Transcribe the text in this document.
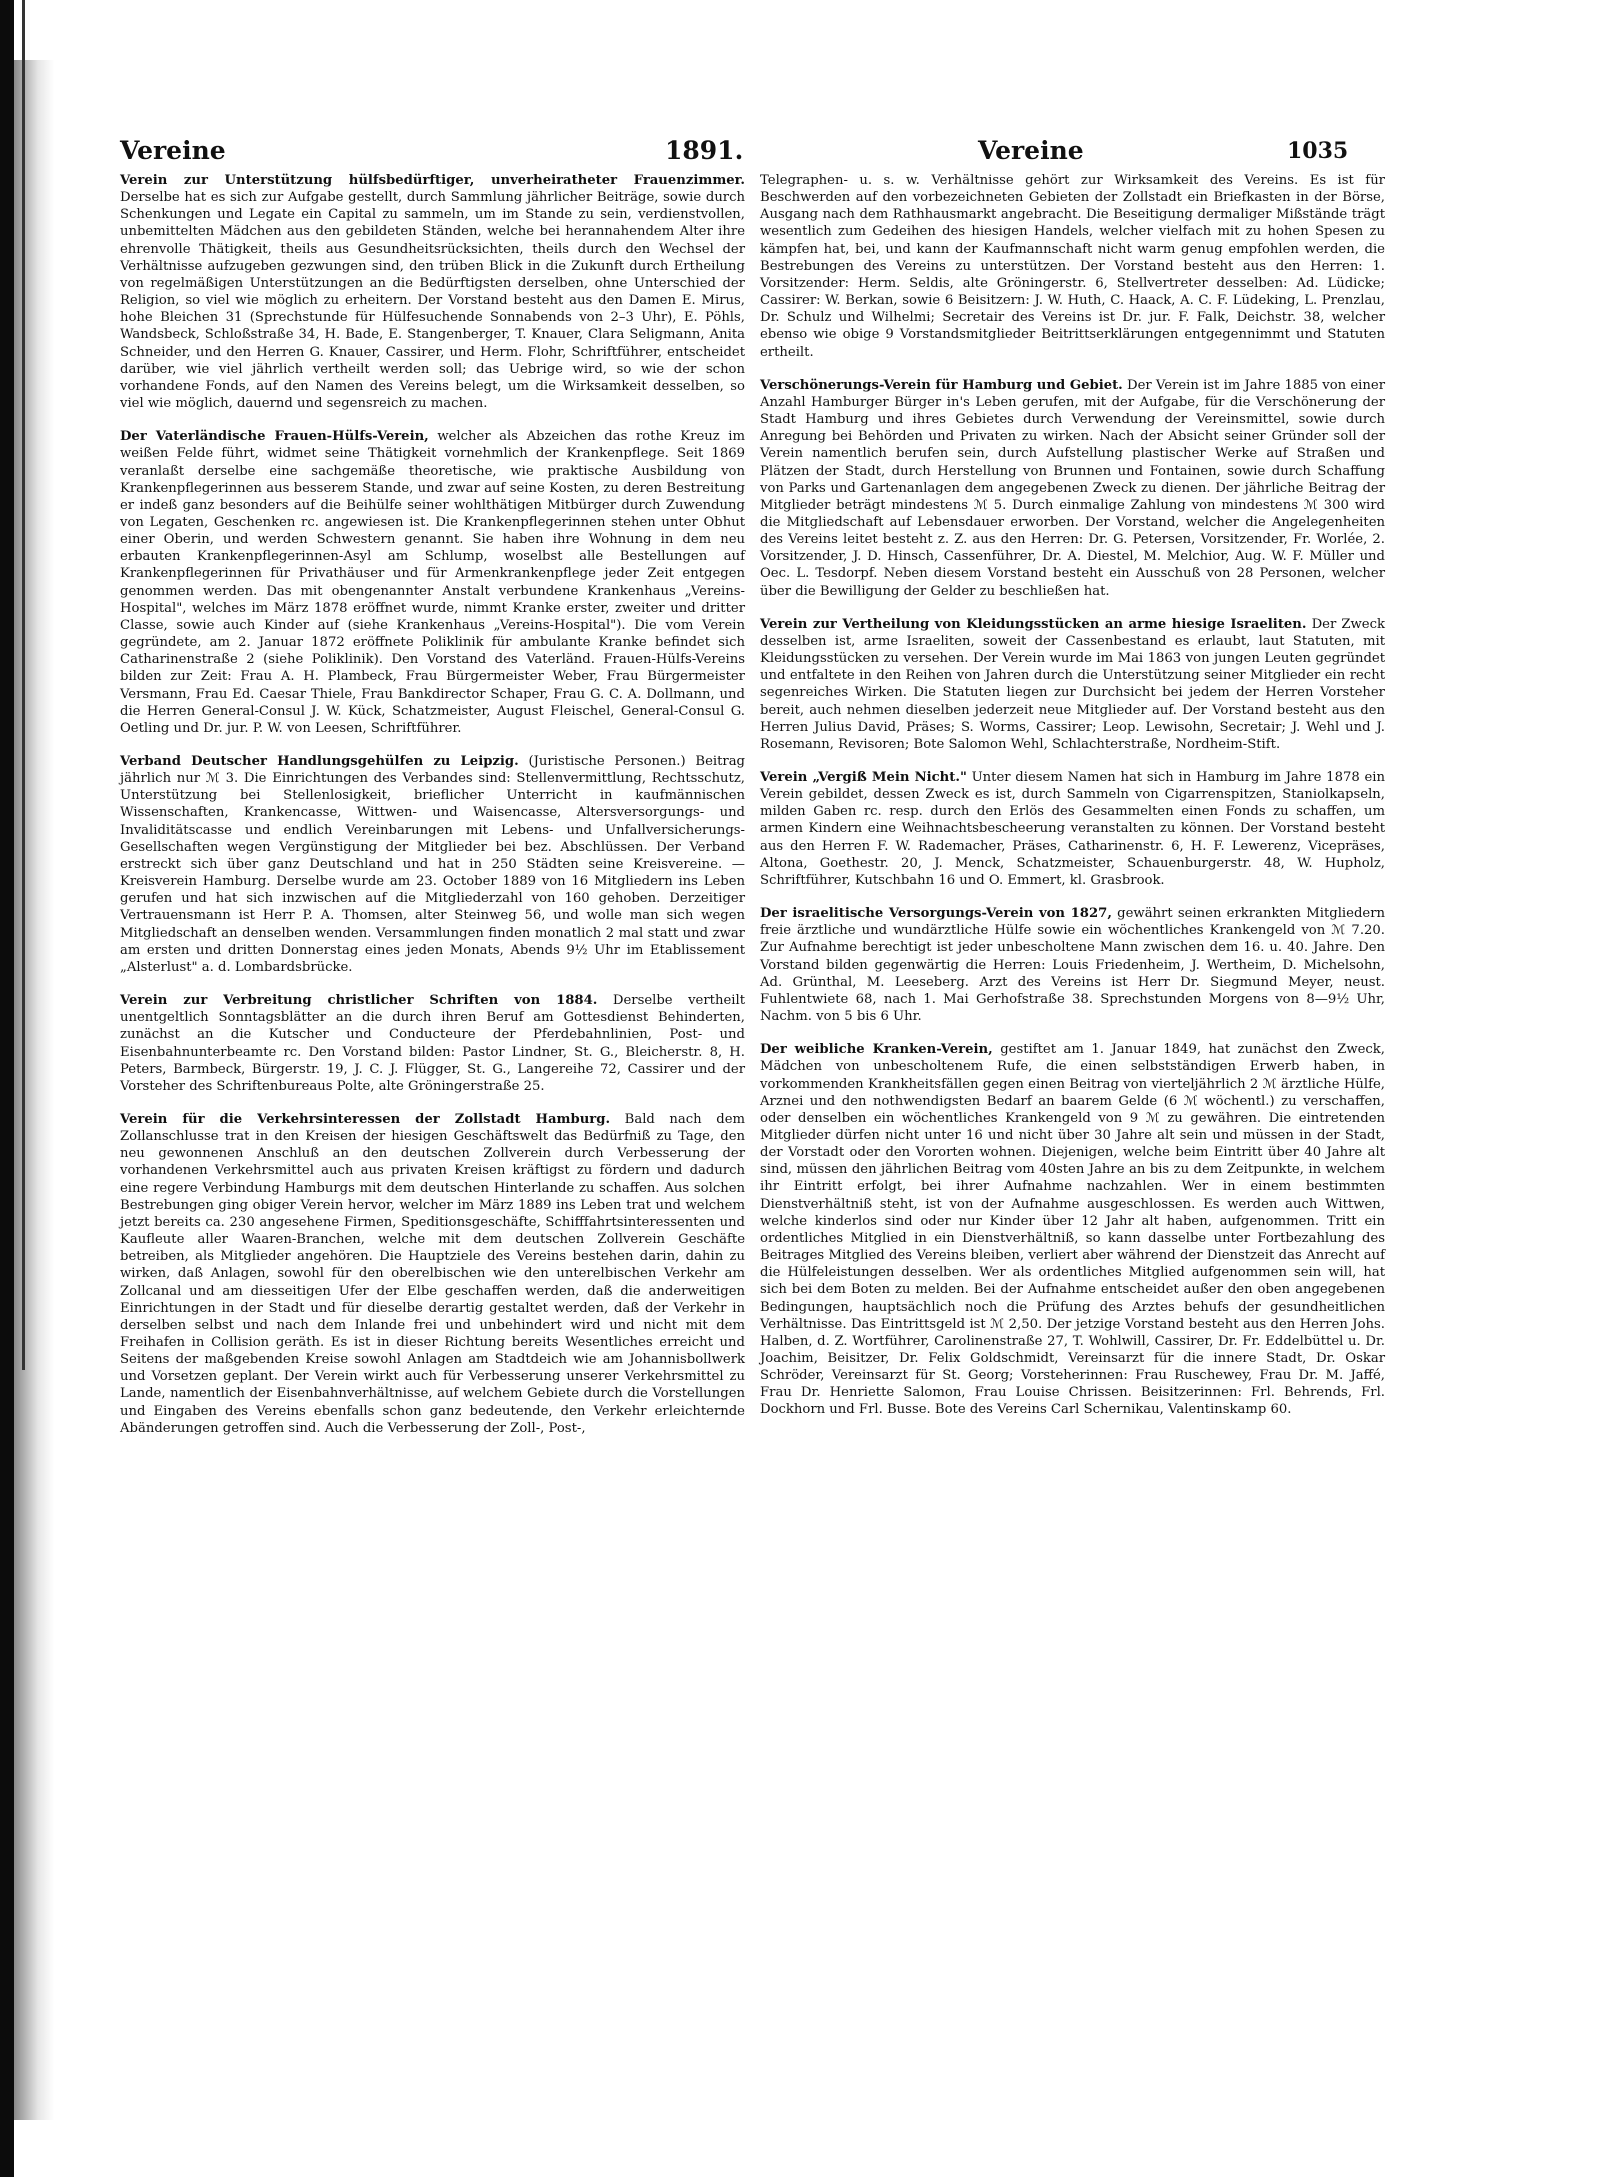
Vereine	1891.	Vereine	1035

Verein zur Unterstützung hülfsbedürftiger, unverheiratheter Frauenzimmer. Derselbe hat es sich zur Aufgabe gestellt, durch Sammlung jährlicher Beiträge, sowie durch Schenkungen und Legate ein Capital zu sammeln, um im Stande zu sein, verdienstvollen, unbemittelten Mädchen aus den gebildeten Ständen, welche bei herannahendem Alter ihre ehrenvolle Thätigkeit, theils aus Gesundheitsrücksichten, theils durch den Wechsel der Verhältnisse aufzugeben gezwungen sind, den trüben Blick in die Zukunft durch Ertheilung von regelmäßigen Unterstützungen an die Bedürftigsten derselben, ohne Unterschied der Religion, so viel wie möglich zu erheitern. Der Vorstand besteht aus den Damen E. Mirus, hohe Bleichen 31 (Sprechstunde für Hülfesuchende Sonnabends von 2–3 Uhr), E. Pöhls, Wandsbeck, Schloßstraße 34, H. Bade, E. Stangenberger, T. Knauer, Clara Seligmann, Anita Schneider, und den Herren G. Knauer, Cassirer, und Herm. Flohr, Schriftführer, entscheidet darüber, wie viel jährlich vertheilt werden soll; das Uebrige wird, so wie der schon vorhandene Fonds, auf den Namen des Vereins belegt, um die Wirksamkeit desselben, so viel wie möglich, dauernd und segensreich zu machen.

Der Vaterländische Frauen-Hülfs-Verein, welcher als Abzeichen das rothe Kreuz im weißen Felde führt, widmet seine Thätigkeit vornehmlich der Krankenpflege. Seit 1869 veranlaßt derselbe eine sachgemäße theoretische, wie praktische Ausbildung von Krankenpflegerinnen aus besserem Stande, und zwar auf seine Kosten, zu deren Bestreitung er indeß ganz besonders auf die Beihülfe seiner wohlthätigen Mitbürger durch Zuwendung von Legaten, Geschenken rc. angewiesen ist. Die Krankenpflegerinnen stehen unter Obhut einer Oberin, und werden Schwestern genannt. Sie haben ihre Wohnung in dem neu erbauten Krankenpflegerinnen-Asyl am Schlump, woselbst alle Bestellungen auf Krankenpflegerinnen für Privathäuser und für Armenkrankenpflege jeder Zeit entgegen genommen werden. Das mit obengenannter Anstalt verbundene Krankenhaus „Vereins-Hospital", welches im März 1878 eröffnet wurde, nimmt Kranke erster, zweiter und dritter Classe, sowie auch Kinder auf (siehe Krankenhaus „Vereins-Hospital"). Die vom Verein gegründete, am 2. Januar 1872 eröffnete Poliklinik für ambulante Kranke befindet sich Catharinenstraße 2 (siehe Poliklinik). Den Vorstand des Vaterländ. Frauen-Hülfs-Vereins bilden zur Zeit: Frau A. H. Plambeck, Frau Bürgermeister Weber, Frau Bürgermeister Versmann, Frau Ed. Caesar Thiele, Frau Bankdirector Schaper, Frau G. C. A. Dollmann, und die Herren General-Consul J. W. Kück, Schatzmeister, August Fleischel, General-Consul G. Oetling und Dr. jur. P. W. von Leesen, Schriftführer.

Verband Deutscher Handlungsgehülfen zu Leipzig. (Juristische Personen.) Beitrag jährlich nur ℳ 3. Die Einrichtungen des Verbandes sind: Stellenvermittlung, Rechtsschutz, Unterstützung bei Stellenlosigkeit, brieflicher Unterricht in kaufmännischen Wissenschaften, Krankencasse, Wittwen- und Waisencasse, Altersversorgungs- und Invaliditätscasse und endlich Vereinbarungen mit Lebens- und Unfallversicherungs-Gesellschaften wegen Vergünstigung der Mitglieder bei bez. Abschlüssen. Der Verband erstreckt sich über ganz Deutschland und hat in 250 Städten seine Kreisvereine. — Kreisverein Hamburg. Derselbe wurde am 23. October 1889 von 16 Mitgliedern ins Leben gerufen und hat sich inzwischen auf die Mitgliederzahl von 160 gehoben. Derzeitiger Vertrauensmann ist Herr P. A. Thomsen, alter Steinweg 56, und wolle man sich wegen Mitgliedschaft an denselben wenden. Versammlungen finden monatlich 2 mal statt und zwar am ersten und dritten Donnerstag eines jeden Monats, Abends 9½ Uhr im Etablissement „Alsterlust" a. d. Lombardsbrücke.

Verein zur Verbreitung christlicher Schriften von 1884. Derselbe vertheilt unentgeltlich Sonntagsblätter an die durch ihren Beruf am Gottesdienst Behinderten, zunächst an die Kutscher und Conducteure der Pferdebahnlinien, Post- und Eisenbahnunterbeamte rc. Den Vorstand bilden: Pastor Lindner, St. G., Bleicherstr. 8, H. Peters, Barmbeck, Bürgerstr. 19, J. C. J. Flügger, St. G., Langereihe 72, Cassirer und der Vorsteher des Schriftenbureaus Polte, alte Gröningerstraße 25.

Verein für die Verkehrsinteressen der Zollstadt Hamburg. Bald nach dem Zollanschlusse trat in den Kreisen der hiesigen Geschäftswelt das Bedürfniß zu Tage, den neu gewonnenen Anschluß an den deutschen Zollverein durch Verbesserung der vorhandenen Verkehrsmittel auch aus privaten Kreisen kräftigst zu fördern und dadurch eine regere Verbindung Hamburgs mit dem deutschen Hinterlande zu schaffen. Aus solchen Bestrebungen ging obiger Verein hervor, welcher im März 1889 ins Leben trat und welchem jetzt bereits ca. 230 angesehene Firmen, Speditionsgeschäfte, Schifffahrtsinteressenten und Kaufleute aller Waaren-Branchen, welche mit dem deutschen Zollverein Geschäfte betreiben, als Mitglieder angehören. Die Hauptziele des Vereins bestehen darin, dahin zu wirken, daß Anlagen, sowohl für den oberelbischen wie den unterelbischen Verkehr am Zollcanal und am diesseitigen Ufer der Elbe geschaffen werden, daß die anderweitigen Einrichtungen in der Stadt und für dieselbe derartig gestaltet werden, daß der Verkehr in derselben selbst und nach dem Inlande frei und unbehindert wird und nicht mit dem Freihafen in Collision geräth. Es ist in dieser Richtung bereits Wesentliches erreicht und Seitens der maßgebenden Kreise sowohl Anlagen am Stadtdeich wie am Johannisbollwerk und Vorsetzen geplant. Der Verein wirkt auch für Verbesserung unserer Verkehrsmittel zu Lande, namentlich der Eisenbahnverhältnisse, auf welchem Gebiete durch die Vorstellungen und Eingaben des Vereins ebenfalls schon ganz bedeutende, den Verkehr erleichternde Abänderungen getroffen sind. Auch die Verbesserung der Zoll-, Post-,

Telegraphen- u. s. w. Verhältnisse gehört zur Wirksamkeit des Vereins. Es ist für Beschwerden auf den vorbezeichneten Gebieten der Zollstadt ein Briefkasten in der Börse, Ausgang nach dem Rathhausmarkt angebracht. Die Beseitigung dermaliger Mißstände trägt wesentlich zum Gedeihen des hiesigen Handels, welcher vielfach mit zu hohen Spesen zu kämpfen hat, bei, und kann der Kaufmannschaft nicht warm genug empfohlen werden, die Bestrebungen des Vereins zu unterstützen. Der Vorstand besteht aus den Herren: 1. Vorsitzender: Herm. Seldis, alte Gröningerstr. 6, Stellvertreter desselben: Ad. Lüdicke; Cassirer: W. Berkan, sowie 6 Beisitzern: J. W. Huth, C. Haack, A. C. F. Lüdeking, L. Prenzlau, Dr. Schulz und Wilhelmi; Secretair des Vereins ist Dr. jur. F. Falk, Deichstr. 38, welcher ebenso wie obige 9 Vorstandsmitglieder Beitrittserklärungen entgegennimmt und Statuten ertheilt.

Verschönerungs-Verein für Hamburg und Gebiet. Der Verein ist im Jahre 1885 von einer Anzahl Hamburger Bürger in's Leben gerufen, mit der Aufgabe, für die Verschönerung der Stadt Hamburg und ihres Gebietes durch Verwendung der Vereinsmittel, sowie durch Anregung bei Behörden und Privaten zu wirken. Nach der Absicht seiner Gründer soll der Verein namentlich berufen sein, durch Aufstellung plastischer Werke auf Straßen und Plätzen der Stadt, durch Herstellung von Brunnen und Fontainen, sowie durch Schaffung von Parks und Gartenanlagen dem angegebenen Zweck zu dienen. Der jährliche Beitrag der Mitglieder beträgt mindestens ℳ 5. Durch einmalige Zahlung von mindestens ℳ 300 wird die Mitgliedschaft auf Lebensdauer erworben. Der Vorstand, welcher die Angelegenheiten des Vereins leitet besteht z. Z. aus den Herren: Dr. G. Petersen, Vorsitzender, Fr. Worlée, 2. Vorsitzender, J. D. Hinsch, Cassenführer, Dr. A. Diestel, M. Melchior, Aug. W. F. Müller und Oec. L. Tesdorpf. Neben diesem Vorstand besteht ein Ausschuß von 28 Personen, welcher über die Bewilligung der Gelder zu beschließen hat.

Verein zur Vertheilung von Kleidungsstücken an arme hiesige Israeliten. Der Zweck desselben ist, arme Israeliten, soweit der Cassenbestand es erlaubt, laut Statuten, mit Kleidungsstücken zu versehen. Der Verein wurde im Mai 1863 von jungen Leuten gegründet und entfaltete in den Reihen von Jahren durch die Unterstützung seiner Mitglieder ein recht segenreiches Wirken. Die Statuten liegen zur Durchsicht bei jedem der Herren Vorsteher bereit, auch nehmen dieselben jederzeit neue Mitglieder auf. Der Vorstand besteht aus den Herren Julius David, Präses; S. Worms, Cassirer; Leop. Lewisohn, Secretair; J. Wehl und J. Rosemann, Revisoren; Bote Salomon Wehl, Schlachterstraße, Nordheim-Stift.

Verein „Vergiß Mein Nicht." Unter diesem Namen hat sich in Hamburg im Jahre 1878 ein Verein gebildet, dessen Zweck es ist, durch Sammeln von Cigarrenspitzen, Staniolkapseln, milden Gaben rc. resp. durch den Erlös des Gesammelten einen Fonds zu schaffen, um armen Kindern eine Weihnachtsbescheerung veranstalten zu können. Der Vorstand besteht aus den Herren F. W. Rademacher, Präses, Catharinenstr. 6, H. F. Lewerenz, Vicepräses, Altona, Goethestr. 20, J. Menck, Schatzmeister, Schauenburgerstr. 48, W. Hupholz, Schriftführer, Kutschbahn 16 und O. Emmert, kl. Grasbrook.

Der israelitische Versorgungs-Verein von 1827, gewährt seinen erkrankten Mitgliedern freie ärztliche und wundärztliche Hülfe sowie ein wöchentliches Krankengeld von ℳ 7.20. Zur Aufnahme berechtigt ist jeder unbescholtene Mann zwischen dem 16. u. 40. Jahre. Den Vorstand bilden gegenwärtig die Herren: Louis Friedenheim, J. Wertheim, D. Michelsohn, Ad. Grünthal, M. Leeseberg. Arzt des Vereins ist Herr Dr. Siegmund Meyer, neust. Fuhlentwiete 68, nach 1. Mai Gerhofstraße 38. Sprechstunden Morgens von 8—9½ Uhr, Nachm. von 5 bis 6 Uhr.

Der weibliche Kranken-Verein, gestiftet am 1. Januar 1849, hat zunächst den Zweck, Mädchen von unbescholtenem Rufe, die einen selbstständigen Erwerb haben, in vorkommenden Krankheitsfällen gegen einen Beitrag von vierteljährlich 2 ℳ ärztliche Hülfe, Arznei und den nothwendigsten Bedarf an baarem Gelde (6 ℳ wöchentl.) zu verschaffen, oder denselben ein wöchentliches Krankengeld von 9 ℳ zu gewähren. Die eintretenden Mitglieder dürfen nicht unter 16 und nicht über 30 Jahre alt sein und müssen in der Stadt, der Vorstadt oder den Vororten wohnen. Diejenigen, welche beim Eintritt über 40 Jahre alt sind, müssen den jährlichen Beitrag vom 40sten Jahre an bis zu dem Zeitpunkte, in welchem ihr Eintritt erfolgt, bei ihrer Aufnahme nachzahlen. Wer in einem bestimmten Dienstverhältniß steht, ist von der Aufnahme ausgeschlossen. Es werden auch Wittwen, welche kinderlos sind oder nur Kinder über 12 Jahr alt haben, aufgenommen. Tritt ein ordentliches Mitglied in ein Dienstverhältniß, so kann dasselbe unter Fortbezahlung des Beitrages Mitglied des Vereins bleiben, verliert aber während der Dienstzeit das Anrecht auf die Hülfeleistungen desselben. Wer als ordentliches Mitglied aufgenommen sein will, hat sich bei dem Boten zu melden. Bei der Aufnahme entscheidet außer den oben angegebenen Bedingungen, hauptsächlich noch die Prüfung des Arztes behufs der gesundheitlichen Verhältnisse. Das Eintrittsgeld ist ℳ 2,50. Der jetzige Vorstand besteht aus den Herren Johs. Halben, d. Z. Wortführer, Carolinenstraße 27, T. Wohlwill, Cassirer, Dr. Fr. Eddelbüttel u. Dr. Joachim, Beisitzer, Dr. Felix Goldschmidt, Vereinsarzt für die innere Stadt, Dr. Oskar Schröder, Vereinsarzt für St. Georg; Vorsteherinnen: Frau Ruschewey, Frau Dr. M. Jaffé, Frau Dr. Henriette Salomon, Frau Louise Chrissen. Beisitzerinnen: Frl. Behrends, Frl. Dockhorn und Frl. Busse. Bote des Vereins Carl Schernikau, Valentinskamp 60.
